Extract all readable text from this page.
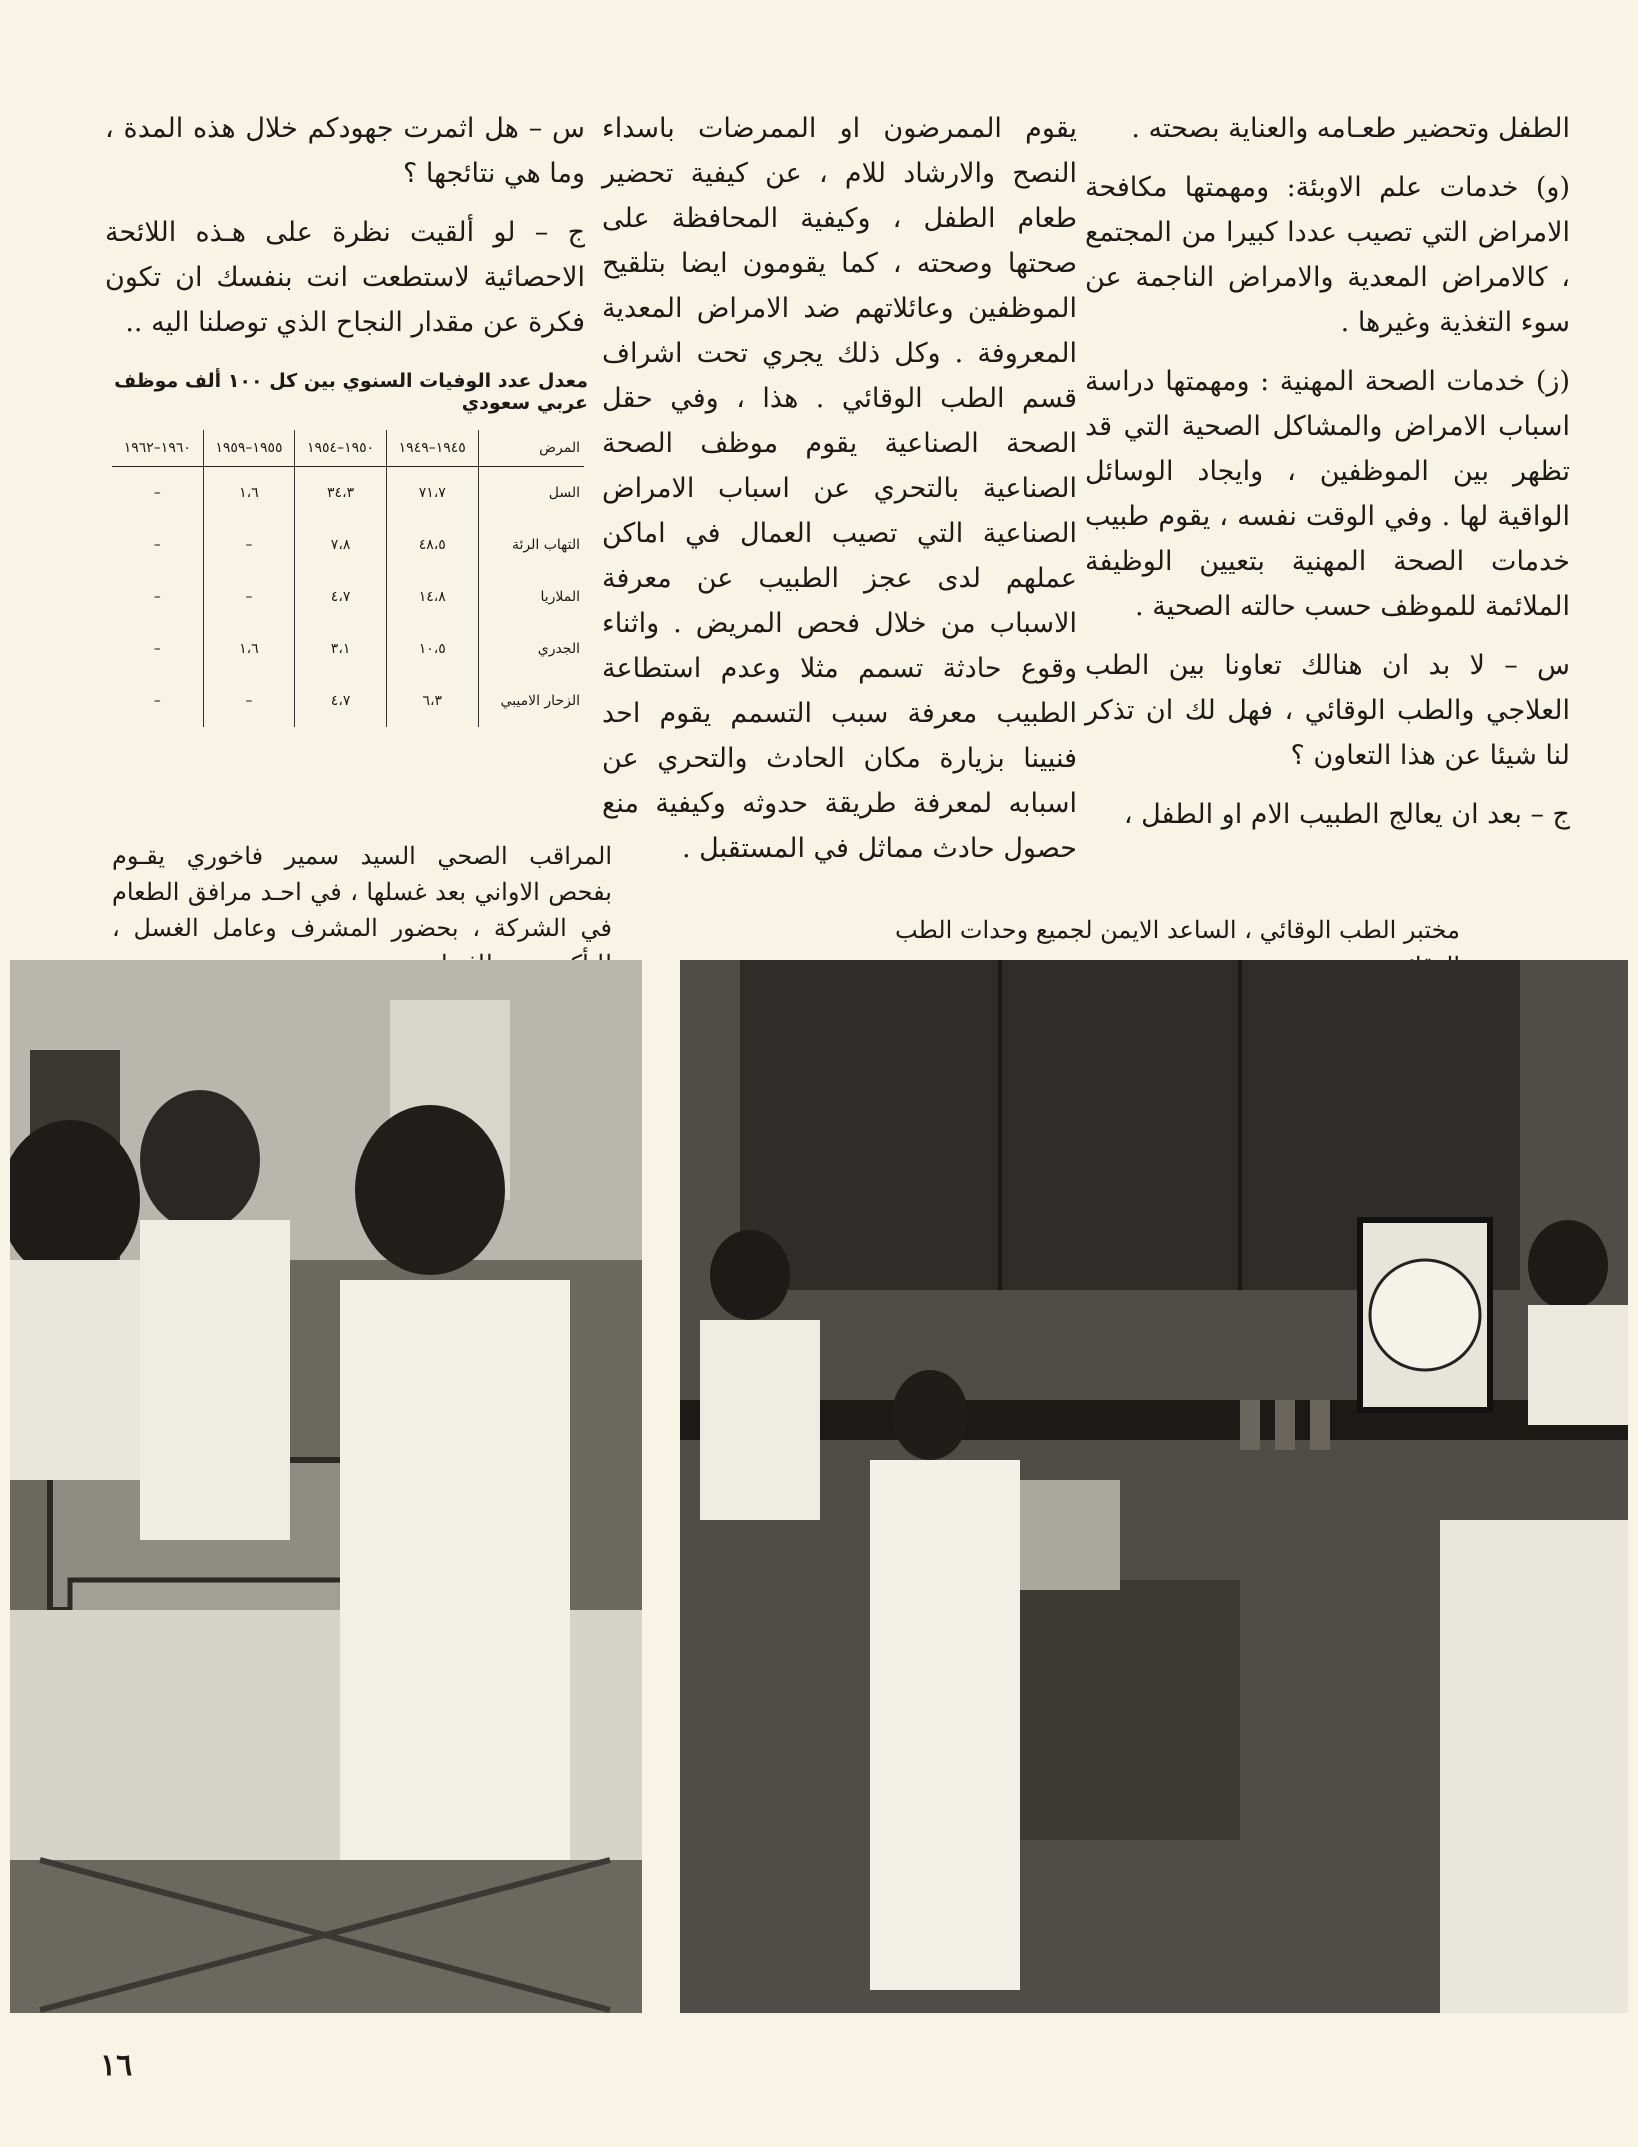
الطفل وتحضير طعـامه والعناية بصحته .

(و) خدمات علم الاوبئة: ومهمتها مكافحة الامراض التي تصيب عددا كبيرا من المجتمع ، كالامراض المعدية والامراض الناجمة عن سوء التغذية وغيرها .

(ز) خدمات الصحة المهنية : ومهمتها دراسة اسباب الامراض والمشاكل الصحية التي قد تظهر بين الموظفين ، وايجاد الوسائل الواقية لها . وفي الوقت نفسه ، يقوم طبيب خدمات الصحة المهنية بتعيين الوظيفة الملائمة للموظف حسب حالته الصحية .

س – لا بد ان هنالك تعاونا بين الطب العلاجي والطب الوقائي ، فهل لك ان تذكر لنا شيئا عن هذا التعاون ؟

ج – بعد ان يعالج الطبيب الام او الطفل ،

يقوم الممرضون او الممرضات باسداء النصح والارشاد للام ، عن كيفية تحضير طعام الطفل ، وكيفية المحافظة على صحتها وصحته ، كما يقومون ايضا بتلقيح الموظفين وعائلاتهم ضد الامراض المعدية المعروفة . وكل ذلك يجري تحت اشراف قسم الطب الوقائي . هذا ، وفي حقل الصحة الصناعية يقوم موظف الصحة الصناعية بالتحري عن اسباب الامراض الصناعية التي تصيب العمال في اماكن عملهم لدى عجز الطبيب عن معرفة الاسباب من خلال فحص المريض . واثناء وقوع حادثة تسمم مثلا وعدم استطاعة الطبيب معرفة سبب التسمم يقوم احد فنيينا بزيارة مكان الحادث والتحري عن اسبابه لمعرفة طريقة حدوثه وكيفية منع حصول حادث مماثل في المستقبل .

س – هل اثمرت جهودكم خلال هذه المدة ، وما هي نتائجها ؟

ج – لو ألقيت نظرة على هـذه اللائحة الاحصائية لاستطعت انت بنفسك ان تكون فكرة عن مقدار النجاح الذي توصلنا اليه ..

معدل عدد الوفيات السنوي بين كل ١٠٠ ألف موظف عربي سعودي
المرض	١٩٤٥–١٩٤٩	١٩٥٠–١٩٥٤	١٩٥٥–١٩٥٩	١٩٦٠–١٩٦٢
السل	٧١،٧	٣٤،٣	١،٦	–
التهاب الرئة	٤٨،٥	٧،٨	–	–
الملاريا	١٤،٨	٤،٧	–	–
الجدري	١٠،٥	٣،١	١،٦	–
الزحار الاميبي	٦،٣	٤،٧	–	–

المراقب الصحي السيد سمير فاخوري يقـوم بفحص الاواني بعد غسلها ، في احـد مرافق الطعام في الشركة ، بحضور المشرف وعامل الغسل ،	مختبر الطب الوقائي ، الساعد الايمن لجميع وحدات الطب

١٦
